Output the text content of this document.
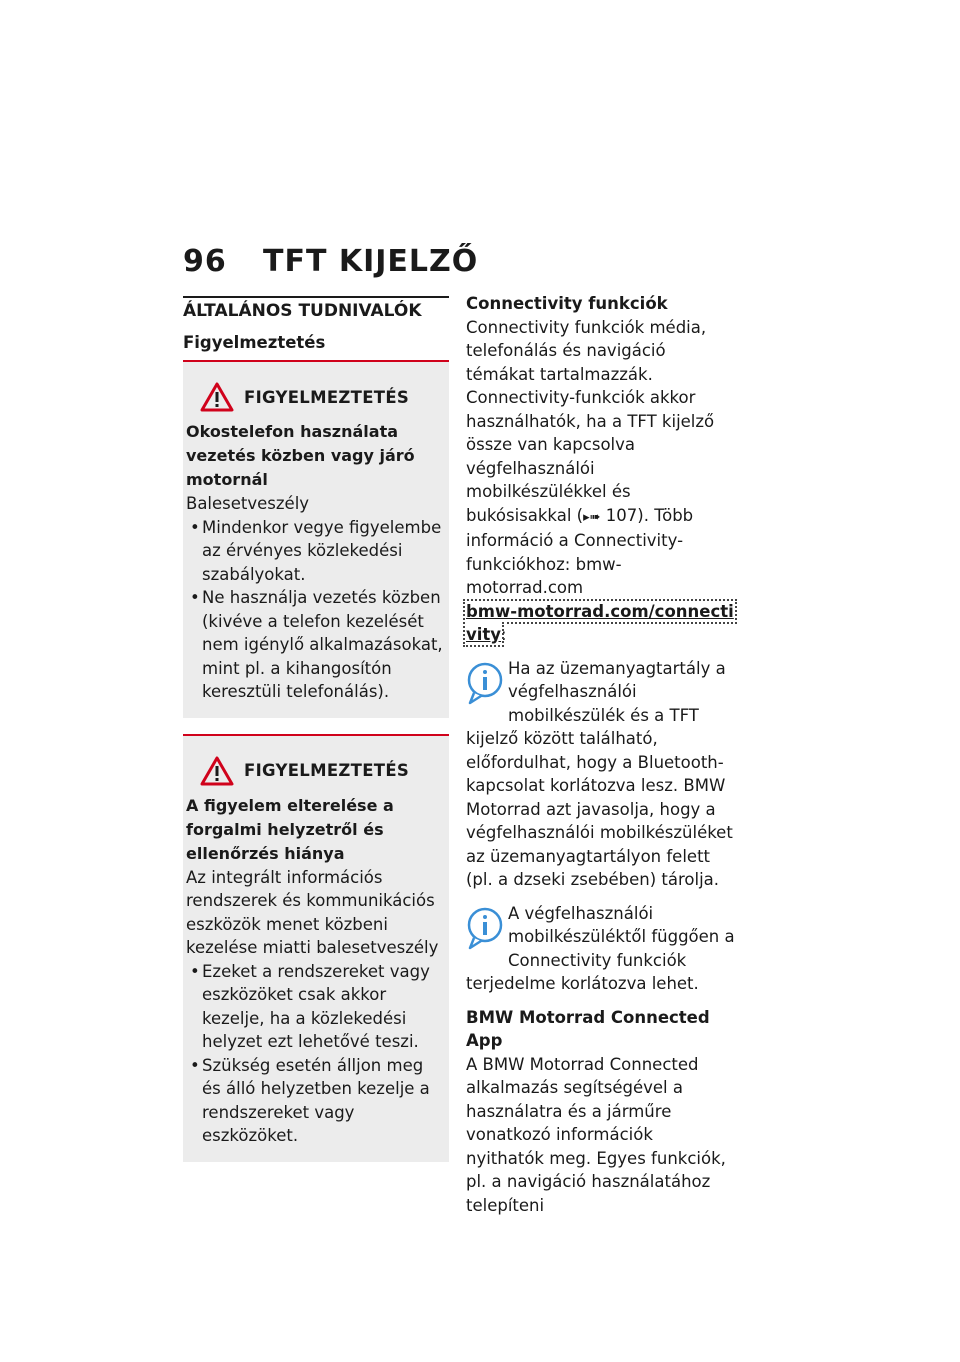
96 TFT KIJELZŐ
ÁLTALÁNOS TUDNIVALÓK
Figyelmeztetés
FIGYELMEZTETÉS
Okostelefon használata vezetés közben vagy járó motornál
Balesetveszély
• Mindenkor vegye figyelembe az érvényes közlekedési szabályokat.
• Ne használja vezetés közben (kivéve a telefon kezelését nem igénylő alkalmazásokat, mint pl. a kihangosítón keresztüli telefonálás).
FIGYELMEZTETÉS
A figyelem elterelése a forgalmi helyzetről és ellenőrzés hiánya
Az integrált információs rendszerek és kommunikációs eszközök menet közbeni kezelése miatti balesetveszély
• Ezeket a rendszereket vagy eszközöket csak akkor kezelje, ha a közlekedési helyzet ezt lehetővé teszi.
• Szükség esetén álljon meg és álló helyzetben kezelje a rendszereket vagy eszközöket.
Connectivity funkciók
Connectivity funkciók média, telefonálás és navigáció témákat tartalmazzák. Connectivity-funkciók akkor használhatók, ha a TFT kijelző össze van kapcsolva végfelhasználói mobilkészülékkel és bukósisakkal (▸➠ 107). Több információ a Connectivity-funkciókhoz: bmw-motorrad.com
bmw-motorrad.com/connectivity:
Ha az üzemanyagtartály a végfelhasználói mobilkészülék és a TFT kijelző között található, előfordulhat, hogy a Bluetooth-kapcsolat korlátozva lesz. BMW Motorrad azt javasolja, hogy a végfelhasználói mobilkészüléket az üzemanyagtartályon felett (pl. a dzseki zsebében) tárolja.
A végfelhasználói mobilkészüléktől függően a Connectivity funkciók terjedelme korlátozva lehet.
BMW Motorrad Connected App
A BMW Motorrad Connected alkalmazás segítségével a használatra és a járműre vonatkozó információk nyithatók meg. Egyes funkciók, pl. a navigáció használatához telepíteni
